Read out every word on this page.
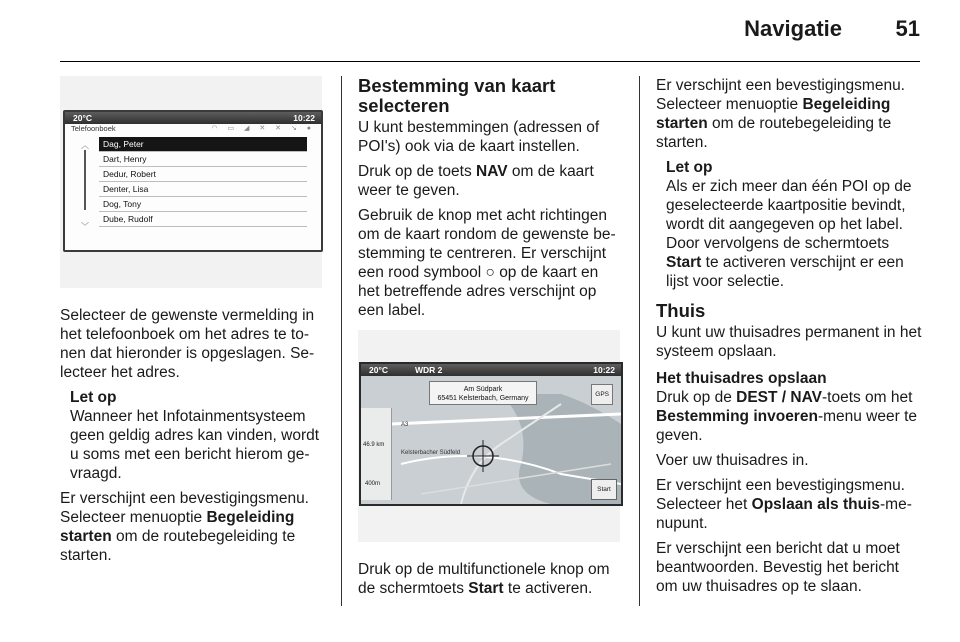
Navigatie 51
20°C	10:22
Telefoonboek	◠ ▭ ◢ ✕ ✕ ↘ ●
︿
﹀
Dag, Peter
Dart, Henry
Dedur, Robert
Denter, Lisa
Dog, Tony
Dube, Rudolf

Selecteer de gewenste vermelding in het telefoonboek om het adres te to-nen dat hieronder is opgeslagen. Se-lecteer het adres.

Let op
Wanneer het Infotainmentsysteem geen geldig adres kan vinden, wordt u soms met een bericht hierom ge-vraagd.

Er verschijnt een bevestigingsmenu. Selecteer menuoptie Begeleiding starten om de routebegeleiding te starten.

Bestemming van kaart selecteren

U kunt bestemmingen (adressen of POI's) ook via de kaart instellen.

Druk op de toets NAV om de kaart weer te geven.

Gebruik de knop met acht richtingen om de kaart rondom de gewenste be-stemming te centreren. Er verschijnt een rood symbool ○ op de kaart en het betreffende adres verschijnt op een label.

20°C	WDR 2	10:22
Am Südpark
65451 Kelsterbach, Germany
GPS
A3
Kelsterbacher Südfeld
46.9 km
400m
Start

Druk op de multifunctionele knop om de schermtoets Start te activeren.

Er verschijnt een bevestigingsmenu. Selecteer menuoptie Begeleiding starten om de routebegeleiding te starten.

Let op
Als er zich meer dan één POI op de geselecteerde kaartpositie bevindt, wordt dit aangegeven op het label. Door vervolgens de schermtoets Start te activeren verschijnt er een lijst voor selectie.
Thuis

U kunt uw thuisadres permanent in het systeem opslaan.

Het thuisadres opslaan

Druk op de DEST / NAV-toets om het Bestemming invoeren-menu weer te geven.

Voer uw thuisadres in.

Er verschijnt een bevestigingsmenu. Selecteer het Opslaan als thuis-me-nupunt.

Er verschijnt een bericht dat u moet beantwoorden. Bevestig het bericht om uw thuisadres op te slaan.
